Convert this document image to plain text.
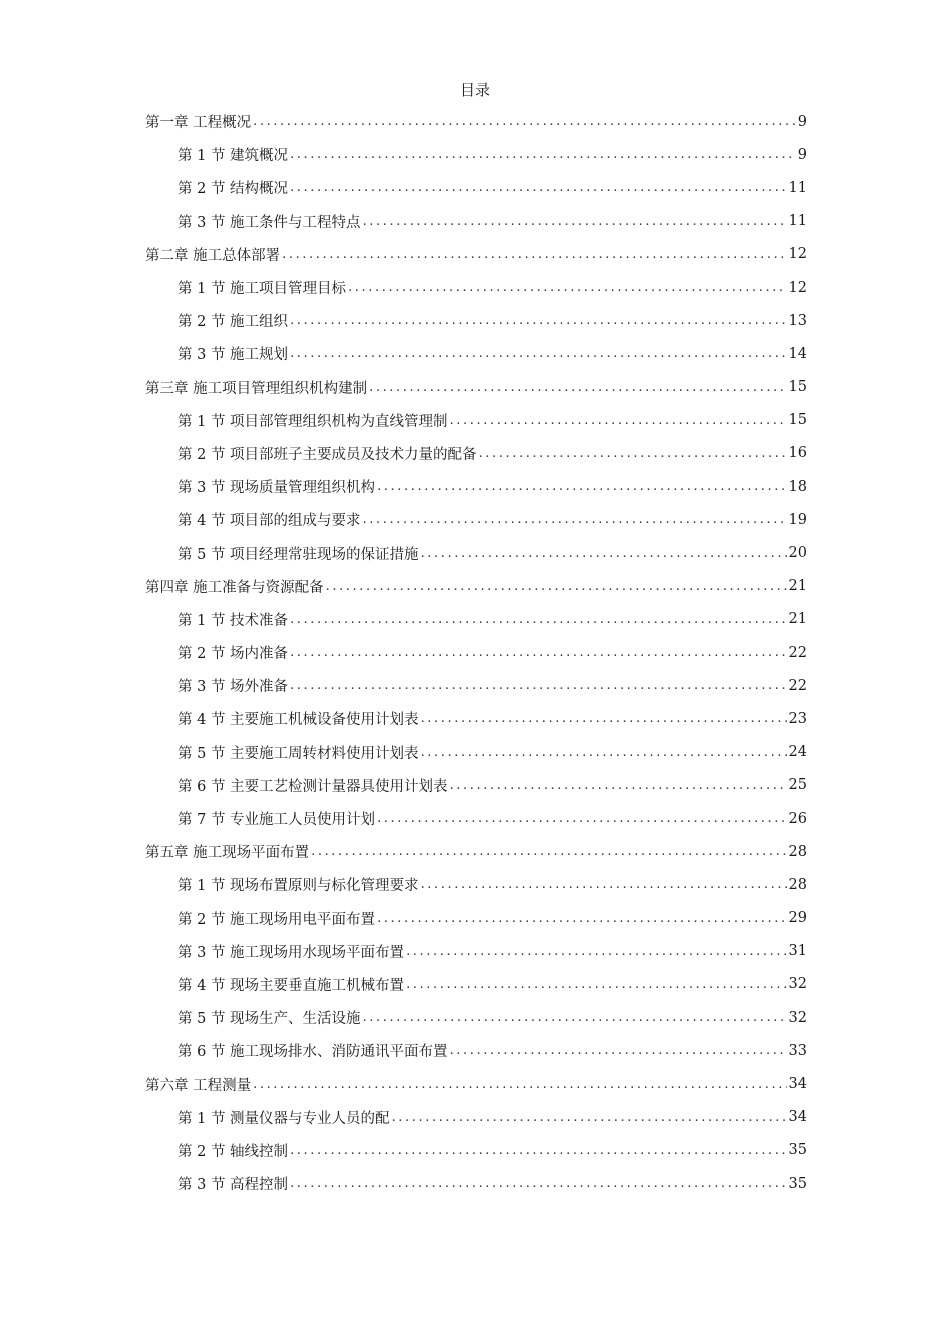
目录
第一章 工程概况 .....	9
第 1 节 建筑概况 .....	9
第 2 节 结构概况 .....	11
第 3 节 施工条件与工程特点 .....	11
第二章 施工总体部署 .....	12
第 1 节 施工项目管理目标 .....	12
第 2 节 施工组织 .....	13
第 3 节 施工规划 .....	14
第三章 施工项目管理组织机构建制 .....	15
第 1 节 项目部管理组织机构为直线管理制 .....	15
第 2 节 项目部班子主要成员及技术力量的配备 .....	16
第 3 节 现场质量管理组织机构 .....	18
第 4 节 项目部的组成与要求 .....	19
第 5 节 项目经理常驻现场的保证措施 .....	20
第四章 施工准备与资源配备 .....	21
第 1 节 技术准备 .....	21
第 2 节 场内准备 .....	22
第 3 节 场外准备 .....	22
第 4 节 主要施工机械设备使用计划表 .....	23
第 5 节 主要施工周转材料使用计划表 .....	24
第 6 节 主要工艺检测计量器具使用计划表 .....	25
第 7 节 专业施工人员使用计划 .....	26
第五章 施工现场平面布置 .....	28
第 1 节 现场布置原则与标化管理要求 .....	28
第 2 节 施工现场用电平面布置 .....	29
第 3 节 施工现场用水现场平面布置 .....	31
第 4 节 现场主要垂直施工机械布置 .....	32
第 5 节 现场生产、生活设施 .....	32
第 6 节 施工现场排水、消防通讯平面布置 .....	33
第六章 工程测量 .....	34
第 1 节 测量仪器与专业人员的配 .....	34
第 2 节 轴线控制 .....	35
第 3 节 高程控制 .....	35
